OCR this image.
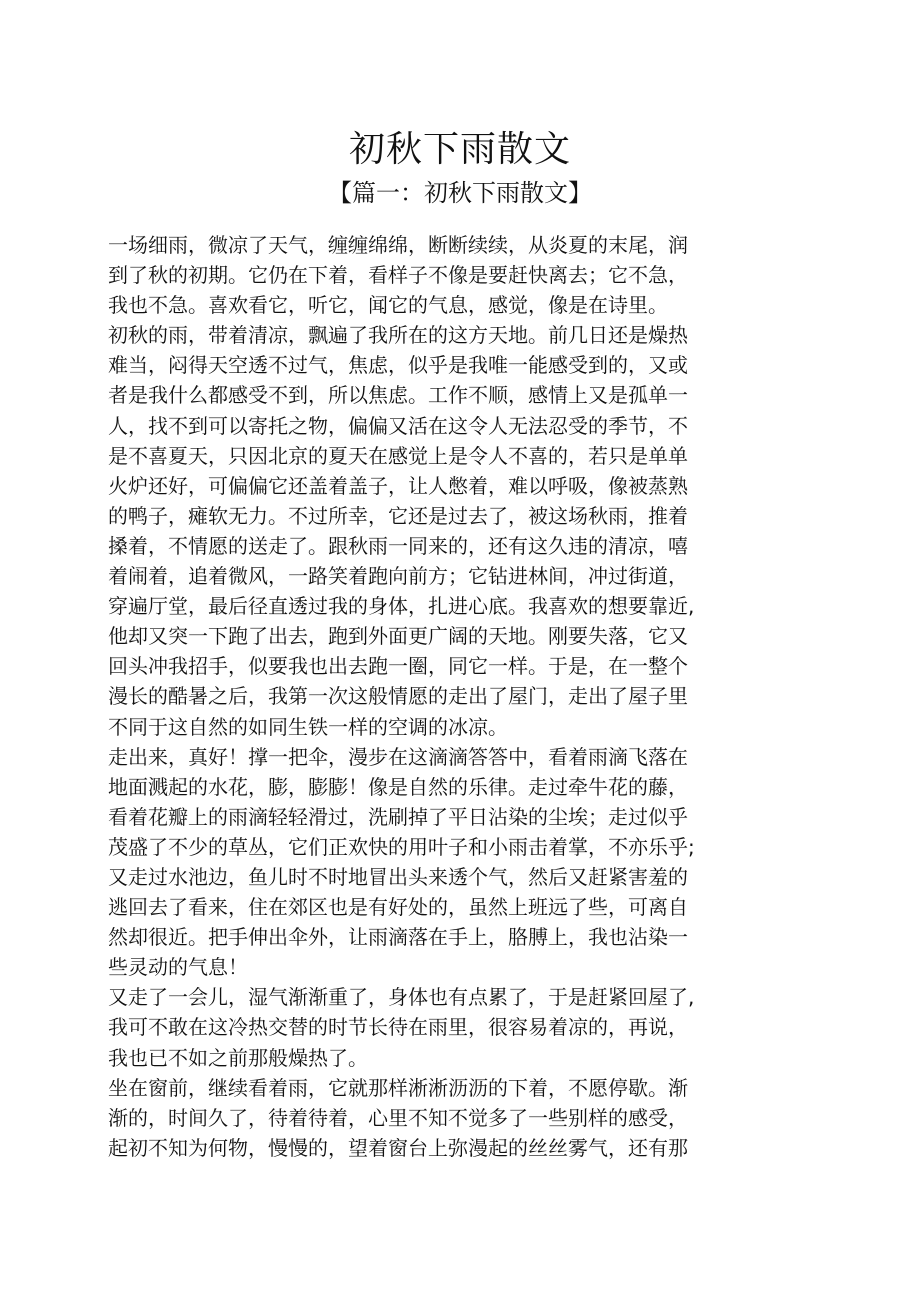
初秋下雨散文
【篇一：初秋下雨散文】
一场细雨，微凉了天气，缠缠绵绵，断断续续，从炎夏的末尾，润
到了秋的初期。它仍在下着，看样子不像是要赶快离去；它不急，
我也不急。喜欢看它，听它，闻它的气息，感觉，像是在诗里。
初秋的雨，带着清凉，飘遍了我所在的这方天地。前几日还是燥热
难当，闷得天空透不过气，焦虑，似乎是我唯一能感受到的，又或
者是我什么都感受不到，所以焦虑。工作不顺，感情上又是孤单一
人，找不到可以寄托之物，偏偏又活在这令人无法忍受的季节，不
是不喜夏天，只因北京的夏天在感觉上是令人不喜的，若只是单单
火炉还好，可偏偏它还盖着盖子，让人憋着，难以呼吸，像被蒸熟
的鸭子，瘫软无力。不过所幸，它还是过去了，被这场秋雨，推着
搡着，不情愿的送走了。跟秋雨一同来的，还有这久违的清凉，嘻
着闹着，追着微风，一路笑着跑向前方；它钻进林间，冲过街道，
穿遍厅堂，最后径直透过我的身体，扎进心底。我喜欢的想要靠近,
他却又突一下跑了出去，跑到外面更广阔的天地。刚要失落，它又
回头冲我招手，似要我也出去跑一圈，同它一样。于是，在一整个
漫长的酷暑之后，我第一次这般情愿的走出了屋门，走出了屋子里
不同于这自然的如同生铁一样的空调的冰凉。
走出来，真好！撑一把伞，漫步在这滴滴答答中，看着雨滴飞落在
地面溅起的水花，膨，膨膨！像是自然的乐律。走过牵牛花的藤，
看着花瓣上的雨滴轻轻滑过，洗刷掉了平日沾染的尘埃；走过似乎
茂盛了不少的草丛，它们正欢快的用叶子和小雨击着掌，不亦乐乎;
又走过水池边，鱼儿时不时地冒出头来透个气，然后又赶紧害羞的
逃回去了看来，住在郊区也是有好处的，虽然上班远了些，可离自
然却很近。把手伸出伞外，让雨滴落在手上，胳膊上，我也沾染一
些灵动的气息！
又走了一会儿，湿气渐渐重了，身体也有点累了，于是赶紧回屋了,
我可不敢在这冷热交替的时节长待在雨里，很容易着凉的，再说，
我也已不如之前那般燥热了。
坐在窗前，继续看着雨，它就那样淅淅沥沥的下着，不愿停歇。渐
渐的，时间久了，待着待着，心里不知不觉多了一些别样的感受，
起初不知为何物，慢慢的，望着窗台上弥漫起的丝丝雾气，还有那
